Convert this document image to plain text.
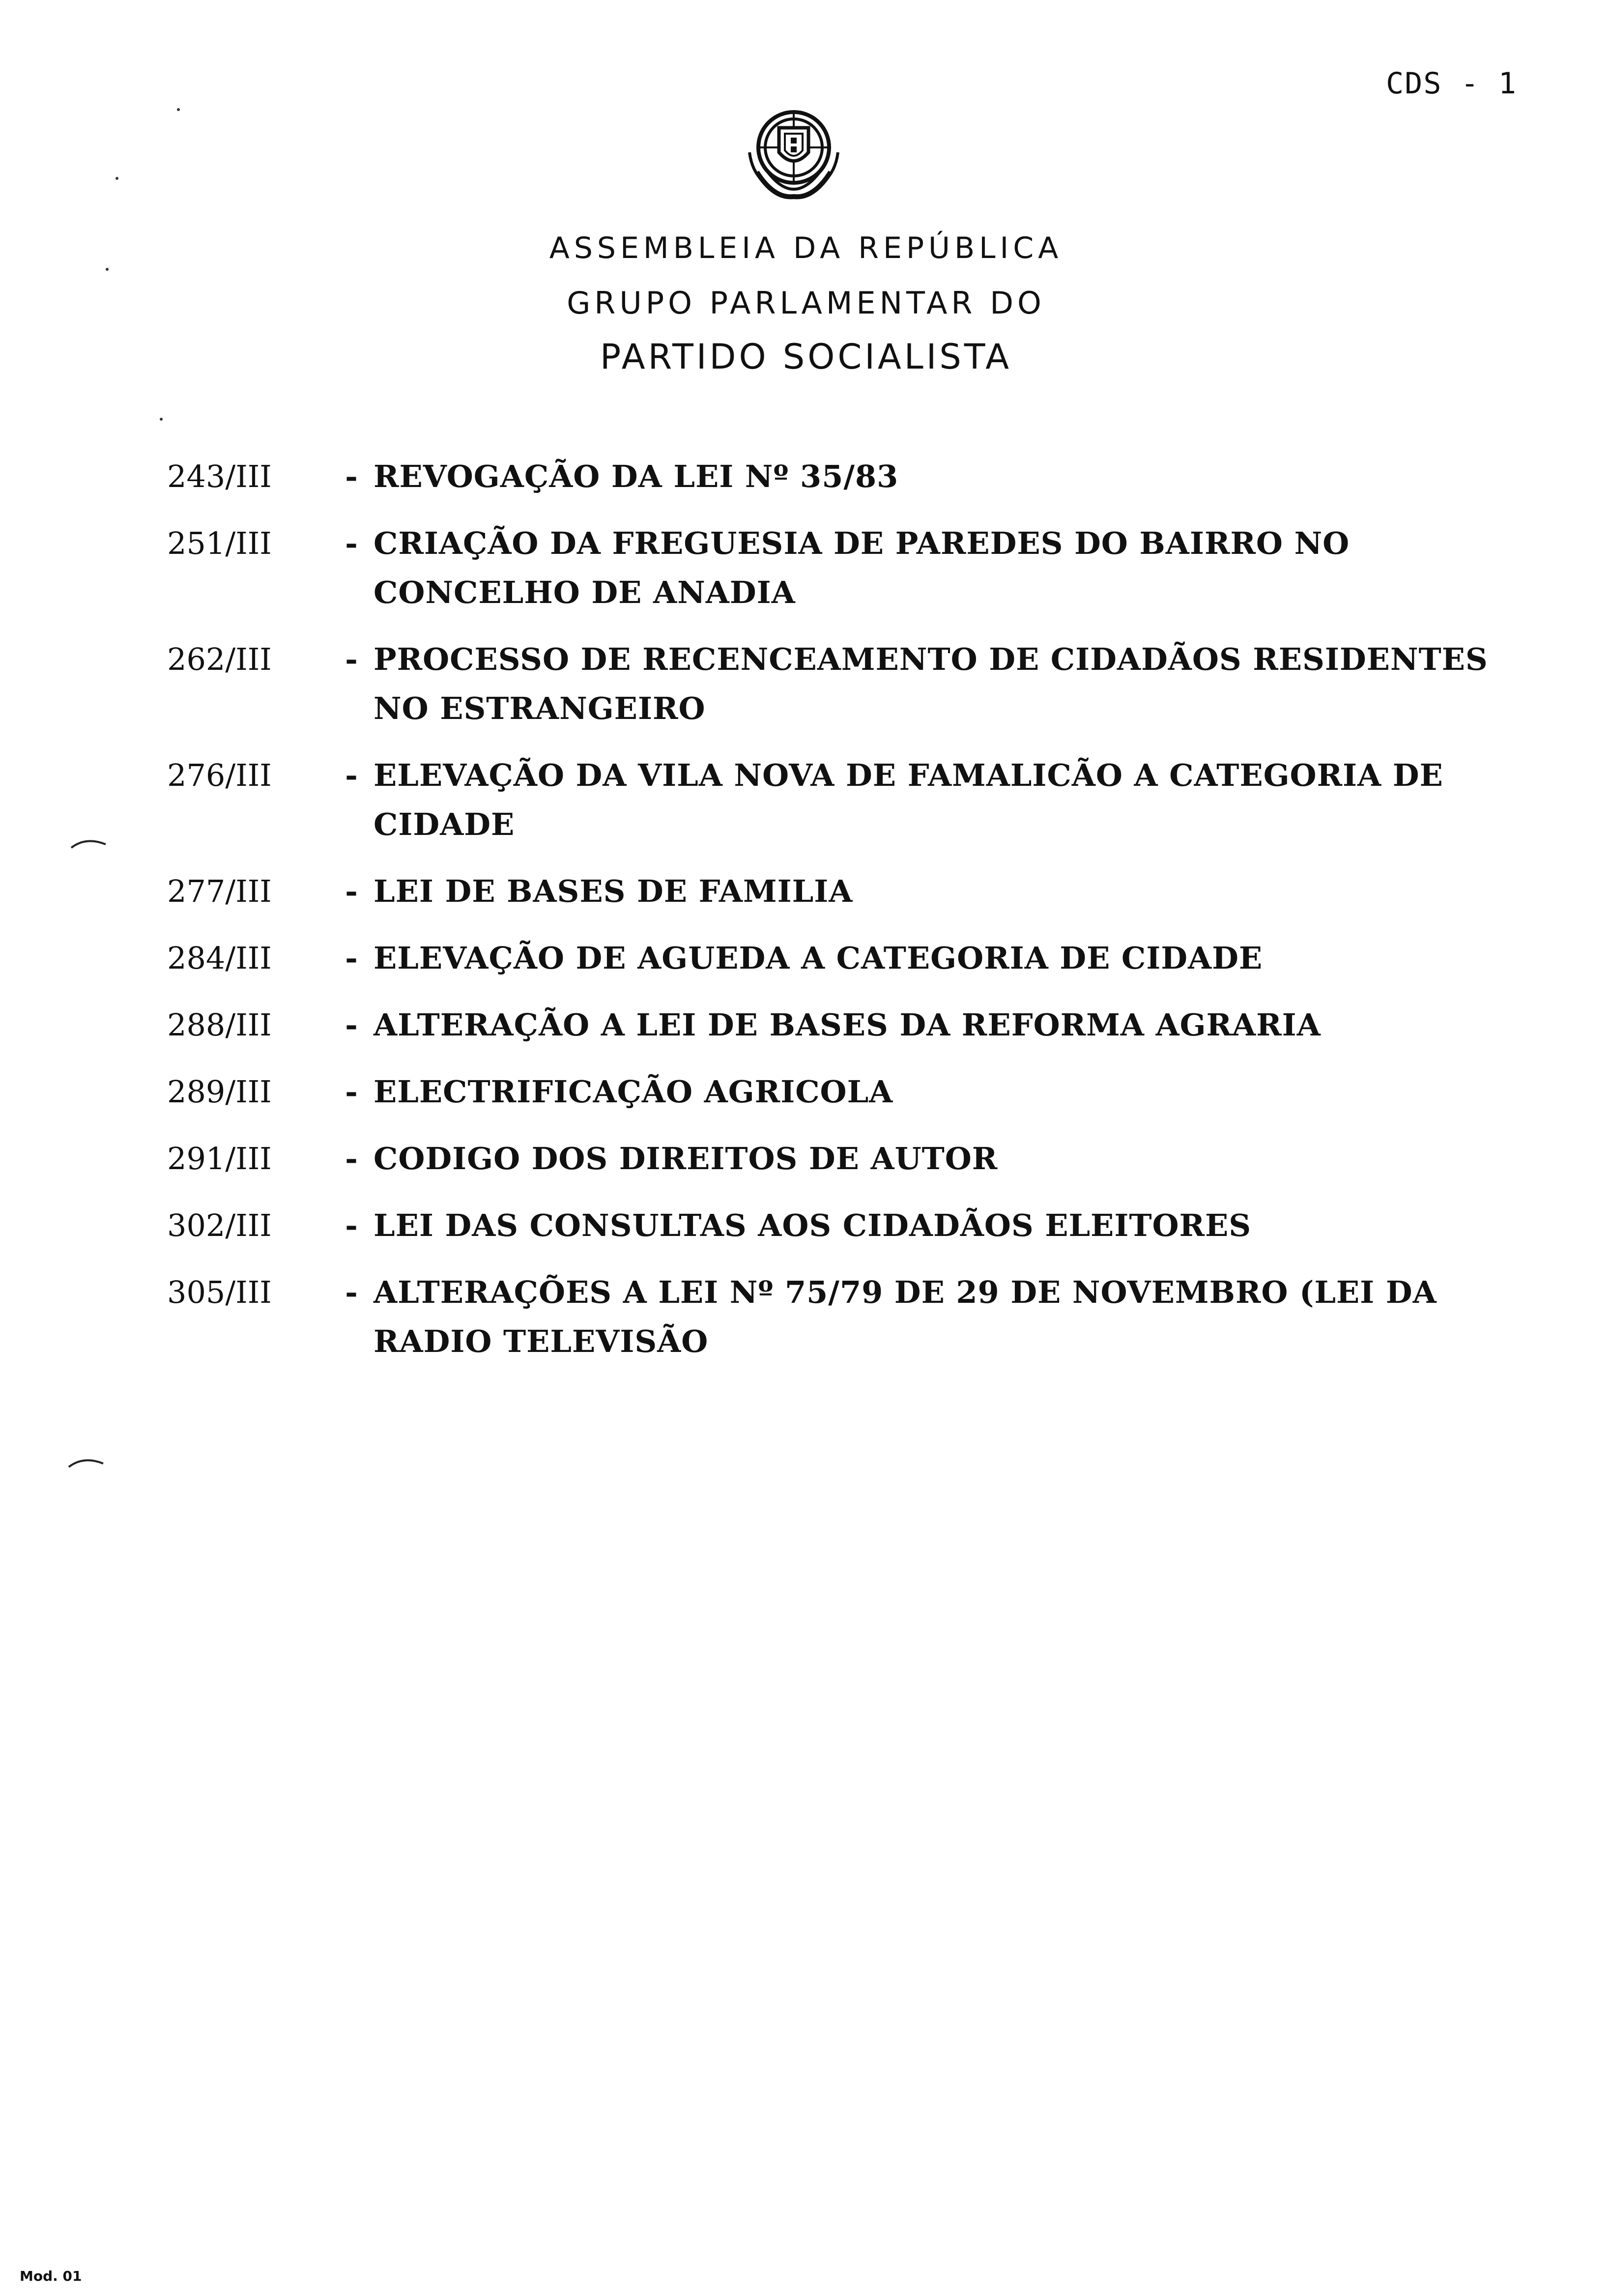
CDS - 1
ASSEMBLEIA DA REPÚBLICA
GRUPO PARLAMENTAR DO
PARTIDO SOCIALISTA
243/III	- REVOGAÇÃO DA LEI Nº 35/83
251/III	- CRIAÇÃO DA FREGUESIA DE PAREDES DO BAIRRO NO CONCELHO DE ANADIA
262/III	- PROCESSO DE RECENCEAMENTO DE CIDADÃOS RESIDENTES NO ESTRANGEIRO
276/III	- ELEVAÇÃO DA VILA NOVA DE FAMALICÃO A CATEGORIA DE CIDADE
277/III	- LEI DE BASES DE FAMILIA
284/III	- ELEVAÇÃO DE AGUEDA A CATEGORIA DE CIDADE
288/III	- ALTERAÇÃO A LEI DE BASES DA REFORMA AGRARIA
289/III	- ELECTRIFICAÇÃO AGRICOLA
291/III	- CODIGO DOS DIREITOS DE AUTOR
302/III	- LEI DAS CONSULTAS AOS CIDADÃOS ELEITORES
305/III	- ALTERAÇÕES A LEI Nº 75/79 DE 29 DE NOVEMBRO (LEI DA RADIO TELEVISÃO
Mod. 01
